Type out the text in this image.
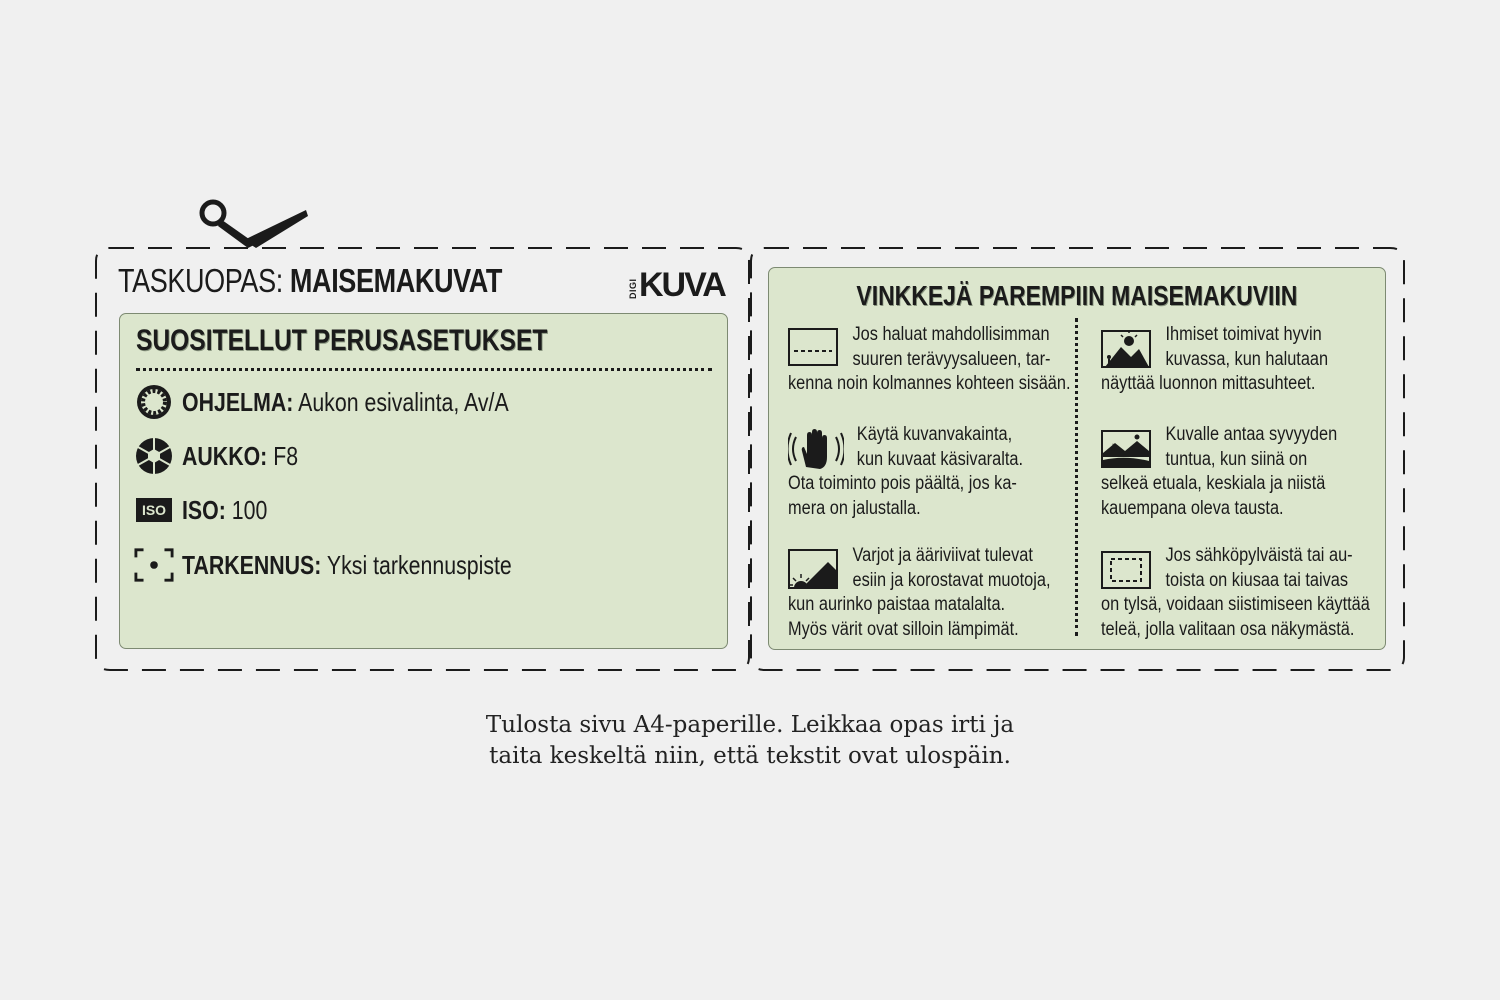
TASKUOPAS: MAISEMAKUVAT	DIGI KUVA
SUOSITELLUT PERUSASETUKSET
OHJELMA: Aukon esivalinta, Av/A
AUKKO: F8
ISO ISO: 100
TARKENNUS: Yksi tarkennuspiste
VINKKEJÄ PAREMPIIN MAISEMAKUVIIN
Jos haluat mahdollisimman
suuren terävyysalueen, tar-
kenna noin kolmannes kohteen sisään.
Ihmiset toimivat hyvin
kuvassa, kun halutaan
näyttää luonnon mittasuhteet.
Käytä kuvanvakainta,
kun kuvaat käsivaralta.
Ota toiminto pois päältä, jos ka-
mera on jalustalla.
Kuvalle antaa syvyyden
tuntua, kun siinä on
selkeä etuala, keskiala ja niistä
kauempana oleva tausta.
Varjot ja ääriviivat tulevat
esiin ja korostavat muotoja,
kun aurinko paistaa matalalta.
Myös värit ovat silloin lämpimät.
Jos sähköpylväistä tai au-
toista on kiusaa tai taivas
on tylsä, voidaan siistimiseen käyttää
teleä, jolla valitaan osa näkymästä.
Tulosta sivu A4-paperille. Leikkaa opas irti ja
taita keskeltä niin, että tekstit ovat ulospäin.
